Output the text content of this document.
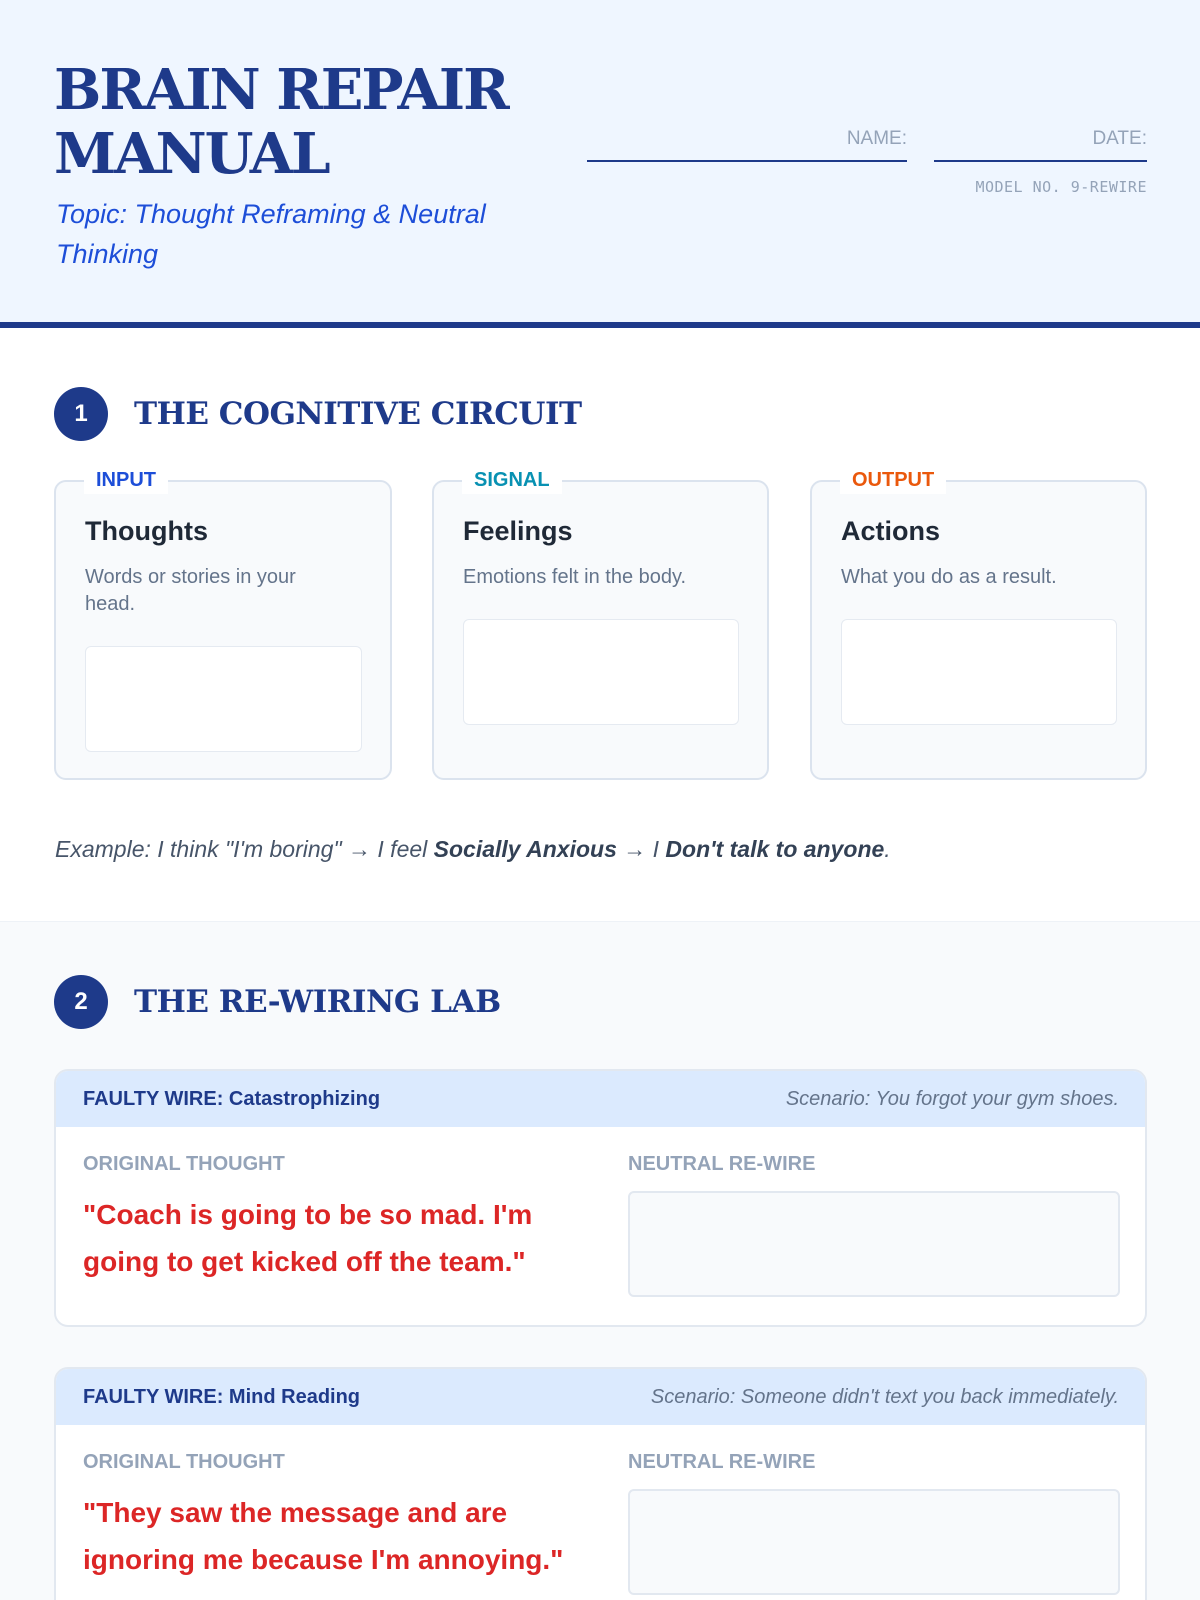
BRAIN REPAIR
MANUAL
Topic: Thought Reframing & Neutral Thinking
NAME:	DATE:
MODEL NO. 9-REWIRE
1	THE COGNITIVE CIRCUIT
INPUT
Thoughts
Words or stories in your head.
SIGNAL
Feelings
Emotions felt in the body.
OUTPUT
Actions
What you do as a result.
Example: I think "I'm boring" → I feel Socially Anxious → I Don't talk to anyone.
2	THE RE-WIRING LAB
FAULTY WIRE: Catastrophizing	Scenario: You forgot your gym shoes.
ORIGINAL THOUGHT	NEUTRAL RE-WIRE
"Coach is going to be so mad. I'm going to get kicked off the team."
FAULTY WIRE: Mind Reading	Scenario: Someone didn't text you back immediately.
ORIGINAL THOUGHT	NEUTRAL RE-WIRE
"They saw the message and are ignoring me because I'm annoying."
